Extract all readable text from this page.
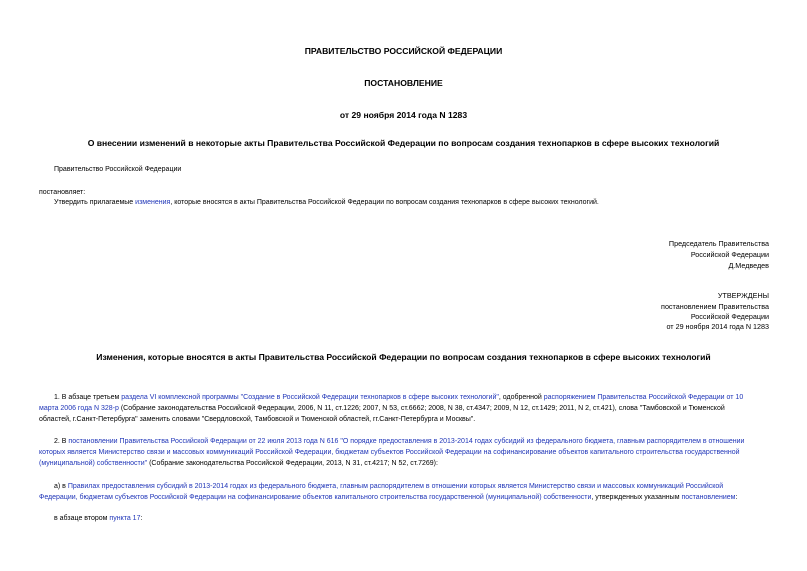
ПРАВИТЕЛЬСТВО РОССИЙСКОЙ ФЕДЕРАЦИИ
ПОСТАНОВЛЕНИЕ
от 29 ноября 2014 года N 1283
О внесении изменений в некоторые акты Правительства Российской Федерации по вопросам создания технопарков в сфере высоких технологий
Правительство Российской Федерации
постановляет:
Утвердить прилагаемые изменения, которые вносятся в акты Правительства Российской Федерации по вопросам создания технопарков в сфере высоких технологий.
Председатель Правительства
Российской Федерации
Д.Медведев
УТВЕРЖДЕНЫ
постановлением Правительства
Российской Федерации
от 29 ноября 2014 года N 1283
Изменения, которые вносятся в акты Правительства Российской Федерации по вопросам создания технопарков в сфере высоких технологий
1. В абзаце третьем раздела VI комплексной программы "Создание в Российской Федерации технопарков в сфере высоких технологий", одобренной распоряжением Правительства Российской Федерации от 10
марта 2006 года N 328-р (Собрание законодательства Российской Федерации, 2006, N 11, ст.1226; 2007, N 53, ст.6662; 2008, N 38, ст.4347; 2009, N 12, ст.1429; 2011, N 2, ст.421), слова "Тамбовской и Тюменской
областей, г.Санкт-Петербурга" заменить словами "Свердловской, Тамбовской и Тюменской областей, гг.Санкт-Петербурга и Москвы".
2. В постановлении Правительства Российской Федерации от 22 июля 2013 года N 616 "О порядке предоставления в 2013-2014 годах субсидий из федерального бюджета, главным распорядителем в отношении
которых является Министерство связи и массовых коммуникаций Российской Федерации, бюджетам субъектов Российской Федерации на софинансирование объектов капитального строительства государственной
(муниципальной) собственности" (Собрание законодательства Российской Федерации, 2013, N 31, ст.4217; N 52, ст.7269):
а) в Правилах предоставления субсидий в 2013-2014 годах из федерального бюджета, главным распорядителем в отношении которых является Министерство связи и массовых коммуникаций Российской
Федерации, бюджетам субъектов Российской Федерации на софинансирование объектов капитального строительства государственной (муниципальной) собственности, утвержденных указанным постановлением:
в абзаце втором пункта 17:
